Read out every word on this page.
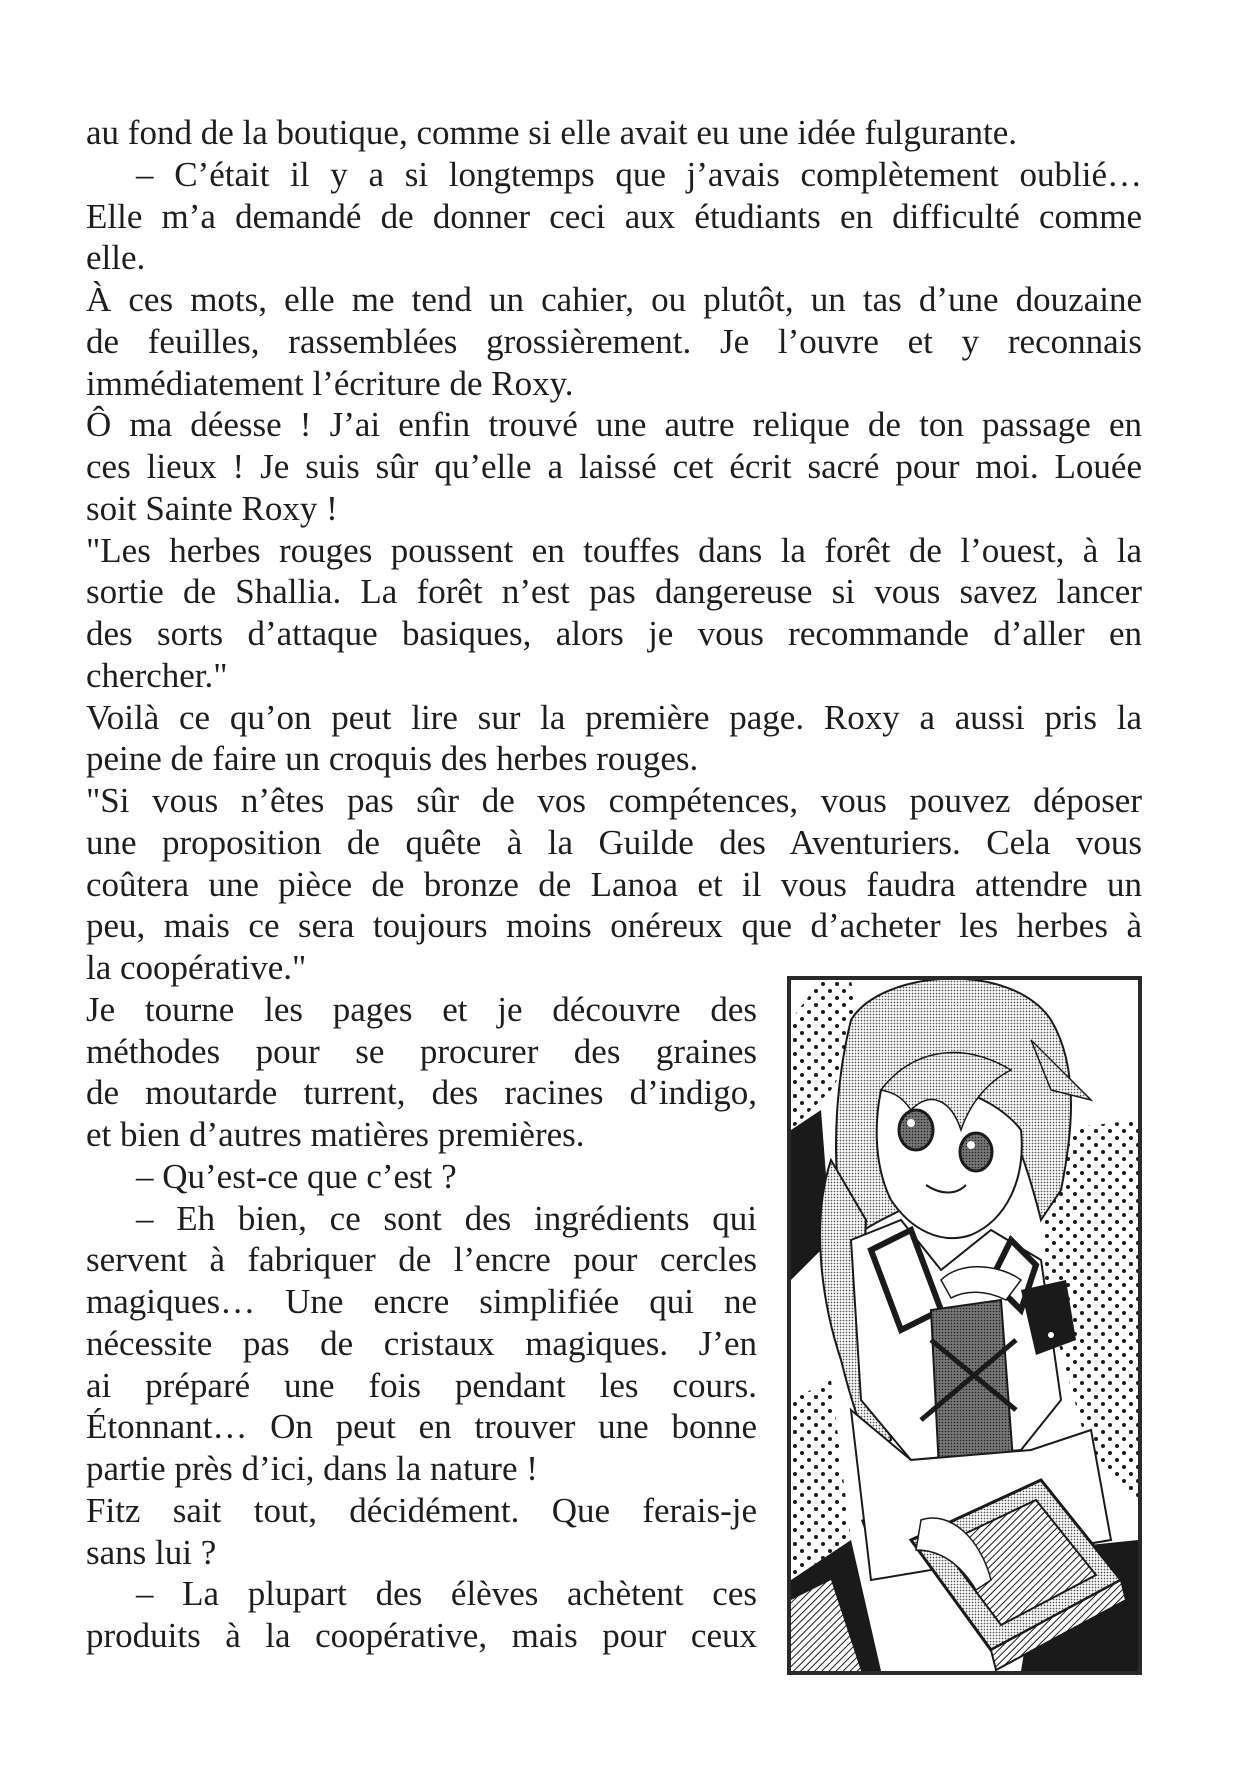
au fond de la boutique, comme si elle avait eu une idée fulgurante.
– C’était il y a si longtemps que j’avais complètement oublié…
Elle m’a demandé de donner ceci aux étudiants en difficulté comme
elle.
À ces mots, elle me tend un cahier, ou plutôt, un tas d’une douzaine
de feuilles, rassemblées grossièrement. Je l’ouvre et y reconnais
immédiatement l’écriture de Roxy.
Ô ma déesse ! J’ai enfin trouvé une autre relique de ton passage en
ces lieux ! Je suis sûr qu’elle a laissé cet écrit sacré pour moi. Louée
soit Sainte Roxy !
"Les herbes rouges poussent en touffes dans la forêt de l’ouest, à la
sortie de Shallia. La forêt n’est pas dangereuse si vous savez lancer
des sorts d’attaque basiques, alors je vous recommande d’aller en
chercher."
Voilà ce qu’on peut lire sur la première page. Roxy a aussi pris la
peine de faire un croquis des herbes rouges.
"Si vous n’êtes pas sûr de vos compétences, vous pouvez déposer
une proposition de quête à la Guilde des Aventuriers. Cela vous
coûtera une pièce de bronze de Lanoa et il vous faudra attendre un
peu, mais ce sera toujours moins onéreux que d’acheter les herbes à
la coopérative."
Je tourne les pages et je découvre des
méthodes pour se procurer des graines
de moutarde turrent, des racines d’indigo,
et bien d’autres matières premières.
– Qu’est-ce que c’est ?
– Eh bien, ce sont des ingrédients qui
servent à fabriquer de l’encre pour cercles
magiques… Une encre simplifiée qui ne
nécessite pas de cristaux magiques. J’en
ai préparé une fois pendant les cours.
Étonnant… On peut en trouver une bonne
partie près d’ici, dans la nature !
Fitz sait tout, décidément. Que ferais-je
sans lui ?
– La plupart des élèves achètent ces
produits à la coopérative, mais pour ceux
